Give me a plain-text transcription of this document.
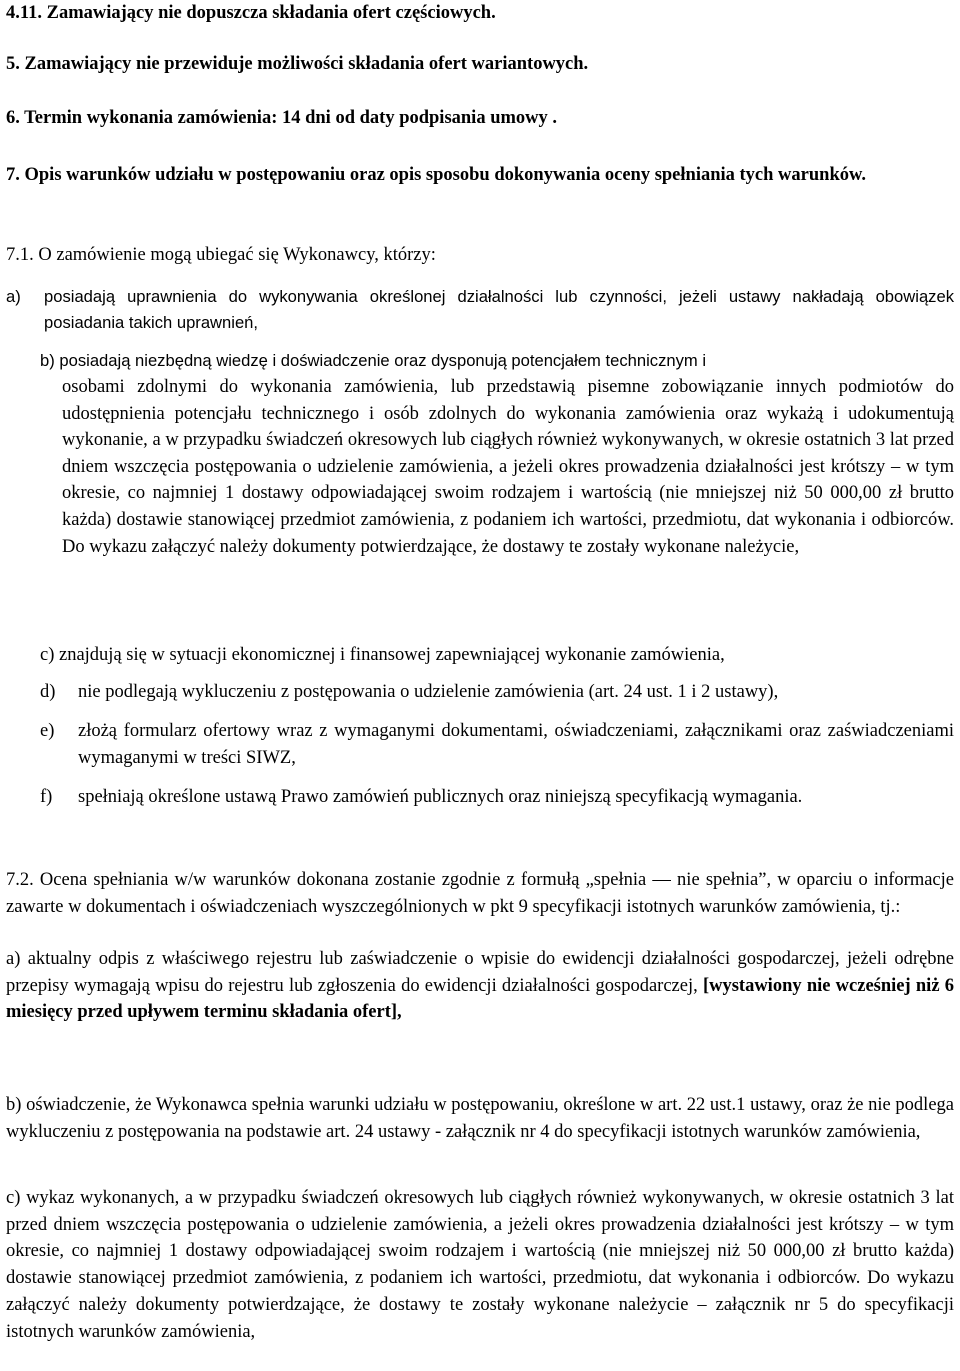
4.11. Zamawiający nie dopuszcza składania ofert częściowych.

5. Zamawiający nie przewiduje możliwości składania ofert wariantowych.

6. Termin wykonania zamówienia: 14 dni od daty podpisania umowy .

7. Opis warunków udziału w postępowaniu oraz opis sposobu dokonywania oceny spełniania tych warunków.

7.1. O zamówienie mogą ubiegać się Wykonawcy, którzy:

a)	posiadają uprawnienia do wykonywania określonej działalności lub czynności, jeżeli ustawy nakładają obowiązek posiadania takich uprawnień,
b) posiadają niezbędną wiedzę i doświadczenie oraz dysponują potencjałem technicznym i

osobami zdolnymi do wykonania zamówienia, lub przedstawią pisemne zobowiązanie innych podmiotów do udostępnienia potencjału technicznego i osób zdolnych do wykonania zamówienia oraz wykażą i udokumentują wykonanie, a w przypadku świadczeń okresowych lub ciągłych również wykonywanych, w okresie ostatnich 3 lat przed dniem wszczęcia postępowania o udzielenie zamówienia, a jeżeli okres prowadzenia działalności jest krótszy – w tym okresie, co najmniej 1 dostawy odpowiadającej swoim rodzajem i wartością (nie mniejszej niż 50 000,00 zł brutto każda) dostawie stanowiącej przedmiot zamówienia, z podaniem ich wartości, przedmiotu, dat wykonania i odbiorców. Do wykazu załączyć należy dokumenty potwierdzające, że dostawy te zostały wykonane należycie,

c) znajdują się w sytuacji ekonomicznej i finansowej zapewniającej wykonanie zamówienia,

d)	nie podlegają wykluczeniu z postępowania o udzielenie zamówienia (art. 24 ust. 1 i 2 ustawy),
e)	złożą formularz ofertowy wraz z wymaganymi dokumentami, oświadczeniami, załącznikami oraz zaświadczeniami wymaganymi w treści SIWZ,
f)	spełniają określone ustawą Prawo zamówień publicznych oraz niniejszą specyfikacją wymagania.

7.2. Ocena spełniania w/w warunków dokonana zostanie zgodnie z formułą „spełnia — nie spełnia”, w oparciu o informacje zawarte w dokumentach i oświadczeniach wyszczególnionych w pkt 9 specyfikacji istotnych warunków zamówienia, tj.:

a) aktualny odpis z właściwego rejestru lub zaświadczenie o wpisie do ewidencji działalności gospodarczej, jeżeli odrębne przepisy wymagają wpisu do rejestru lub zgłoszenia do ewidencji działalności gospodarczej, [wystawiony nie wcześniej niż 6 miesięcy przed upływem terminu składania ofert],

b) oświadczenie, że Wykonawca spełnia warunki udziału w postępowaniu, określone w art. 22 ust.1 ustawy, oraz że nie podlega wykluczeniu z postępowania na podstawie art. 24 ustawy - załącznik nr 4 do specyfikacji istotnych warunków zamówienia,

c) wykaz wykonanych, a w przypadku świadczeń okresowych lub ciągłych również wykonywanych, w okresie ostatnich 3 lat przed dniem wszczęcia postępowania o udzielenie zamówienia, a jeżeli okres prowadzenia działalności jest krótszy – w tym okresie, co najmniej 1 dostawy odpowiadającej swoim rodzajem i wartością (nie mniejszej niż 50 000,00 zł brutto każda) dostawie stanowiącej przedmiot zamówienia, z podaniem ich wartości, przedmiotu, dat wykonania i odbiorców. Do wykazu załączyć należy dokumenty potwierdzające, że dostawy te zostały wykonane należycie – załącznik nr 5 do specyfikacji istotnych warunków zamówienia,
